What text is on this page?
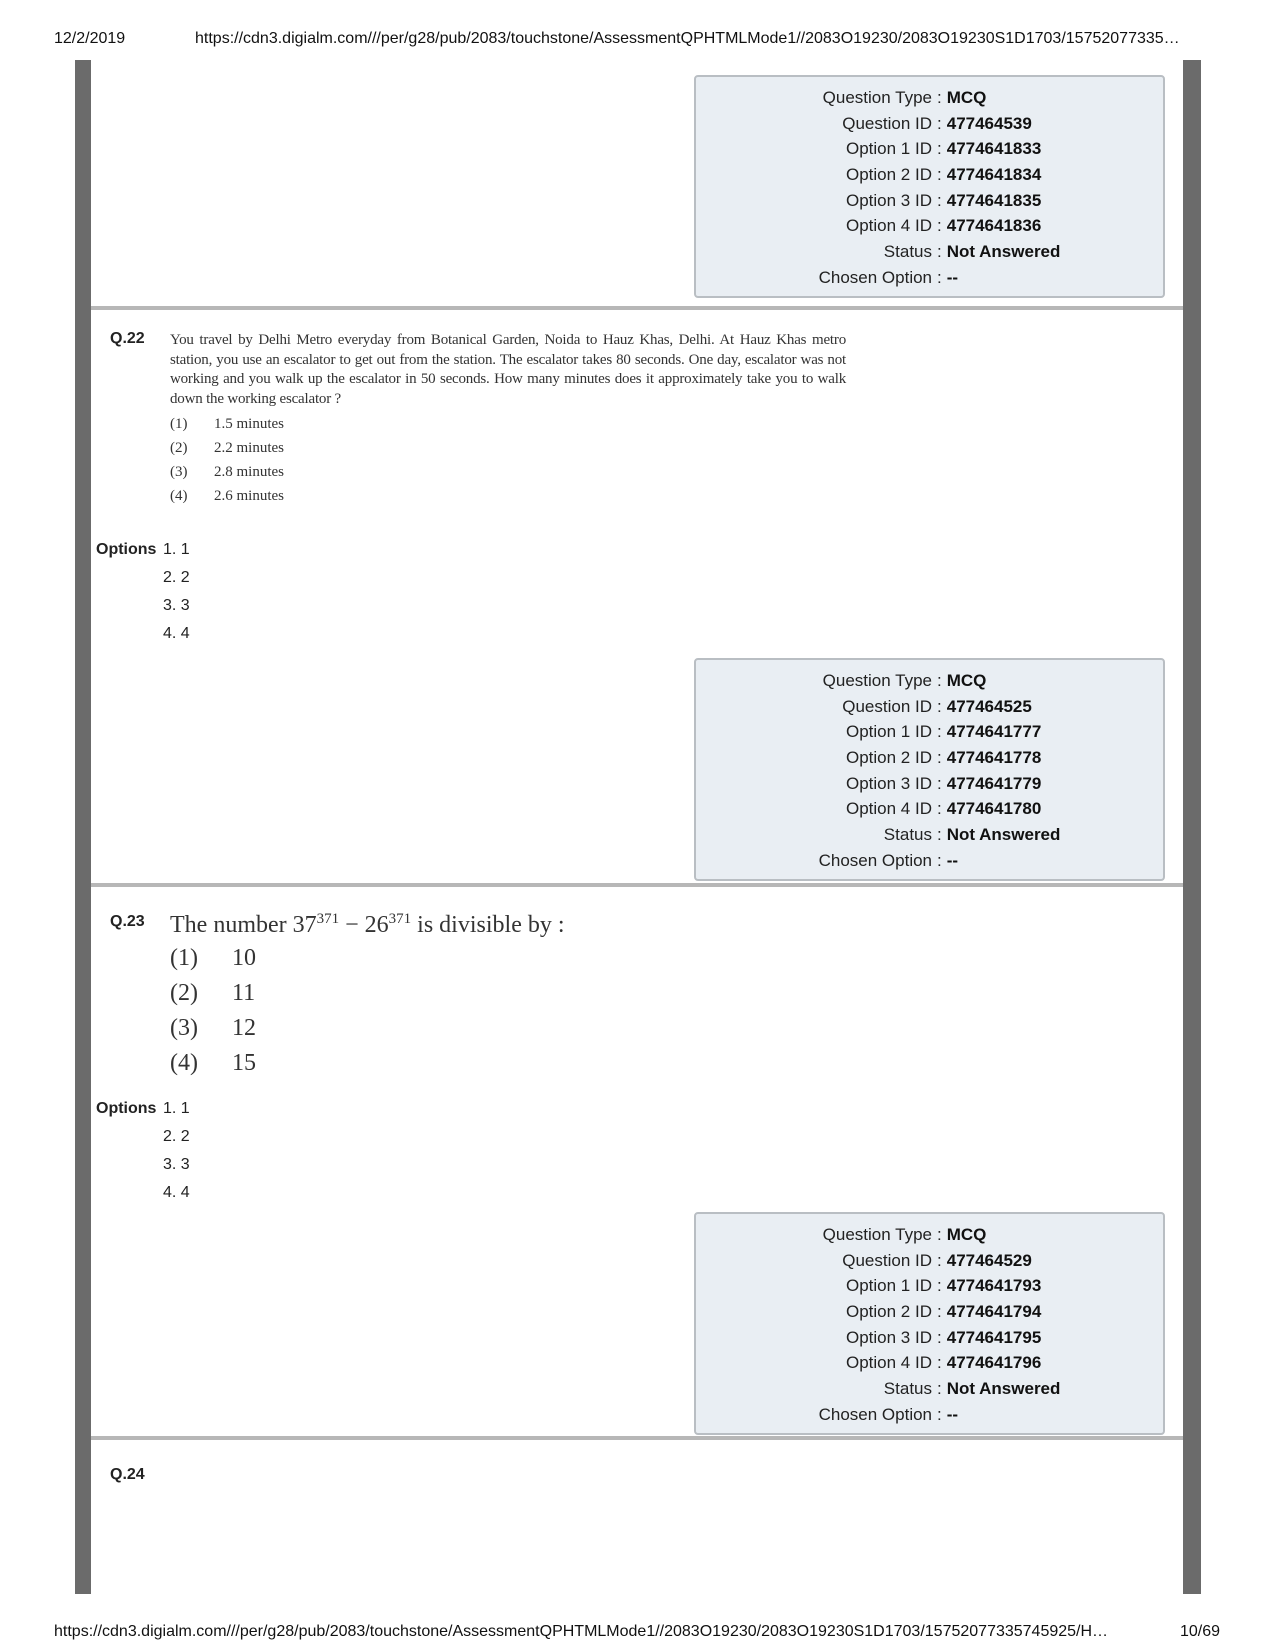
12/2/2019	https://cdn3.digialm.com///per/g28/pub/2083/touchstone/AssessmentQPHTMLMode1//2083O19230/2083O19230S1D1703/15752077335…
https://cdn3.digialm.com///per/g28/pub/2083/touchstone/AssessmentQPHTMLMode1//2083O19230/2083O19230S1D1703/15752077335745925/H…	10/69
Question Type : MCQ
Question ID : 477464539
Option 1 ID : 4774641833
Option 2 ID : 4774641834
Option 3 ID : 4774641835
Option 4 ID : 4774641836
Status : Not Answered
Chosen Option : --
Q.22 You travel by Delhi Metro everyday from Botanical Garden, Noida to Hauz Khas, Delhi. At Hauz Khas metro station, you use an escalator to get out from the station. The escalator takes 80 seconds. One day, escalator was not working and you walk up the escalator in 50 seconds. How many minutes does it approximately take you to walk down the working escalator ?
(1)	1.5 minutes
(2)	2.2 minutes
(3)	2.8 minutes
(4)	2.6 minutes
Options 1. 1
2. 2
3. 3
4. 4
Question Type : MCQ
Question ID : 477464525
Option 1 ID : 4774641777
Option 2 ID : 4774641778
Option 3 ID : 4774641779
Option 4 ID : 4774641780
Status : Not Answered
Chosen Option : --
Q.23 The number $37^{371} - 26^{371}$ is divisible by :
(1)	10
(2)	11
(3)	12
(4)	15
Options 1. 1
2. 2
3. 3
4. 4
Question Type : MCQ
Question ID : 477464529
Option 1 ID : 4774641793
Option 2 ID : 4774641794
Option 3 ID : 4774641795
Option 4 ID : 4774641796
Status : Not Answered
Chosen Option : --
Q.24
